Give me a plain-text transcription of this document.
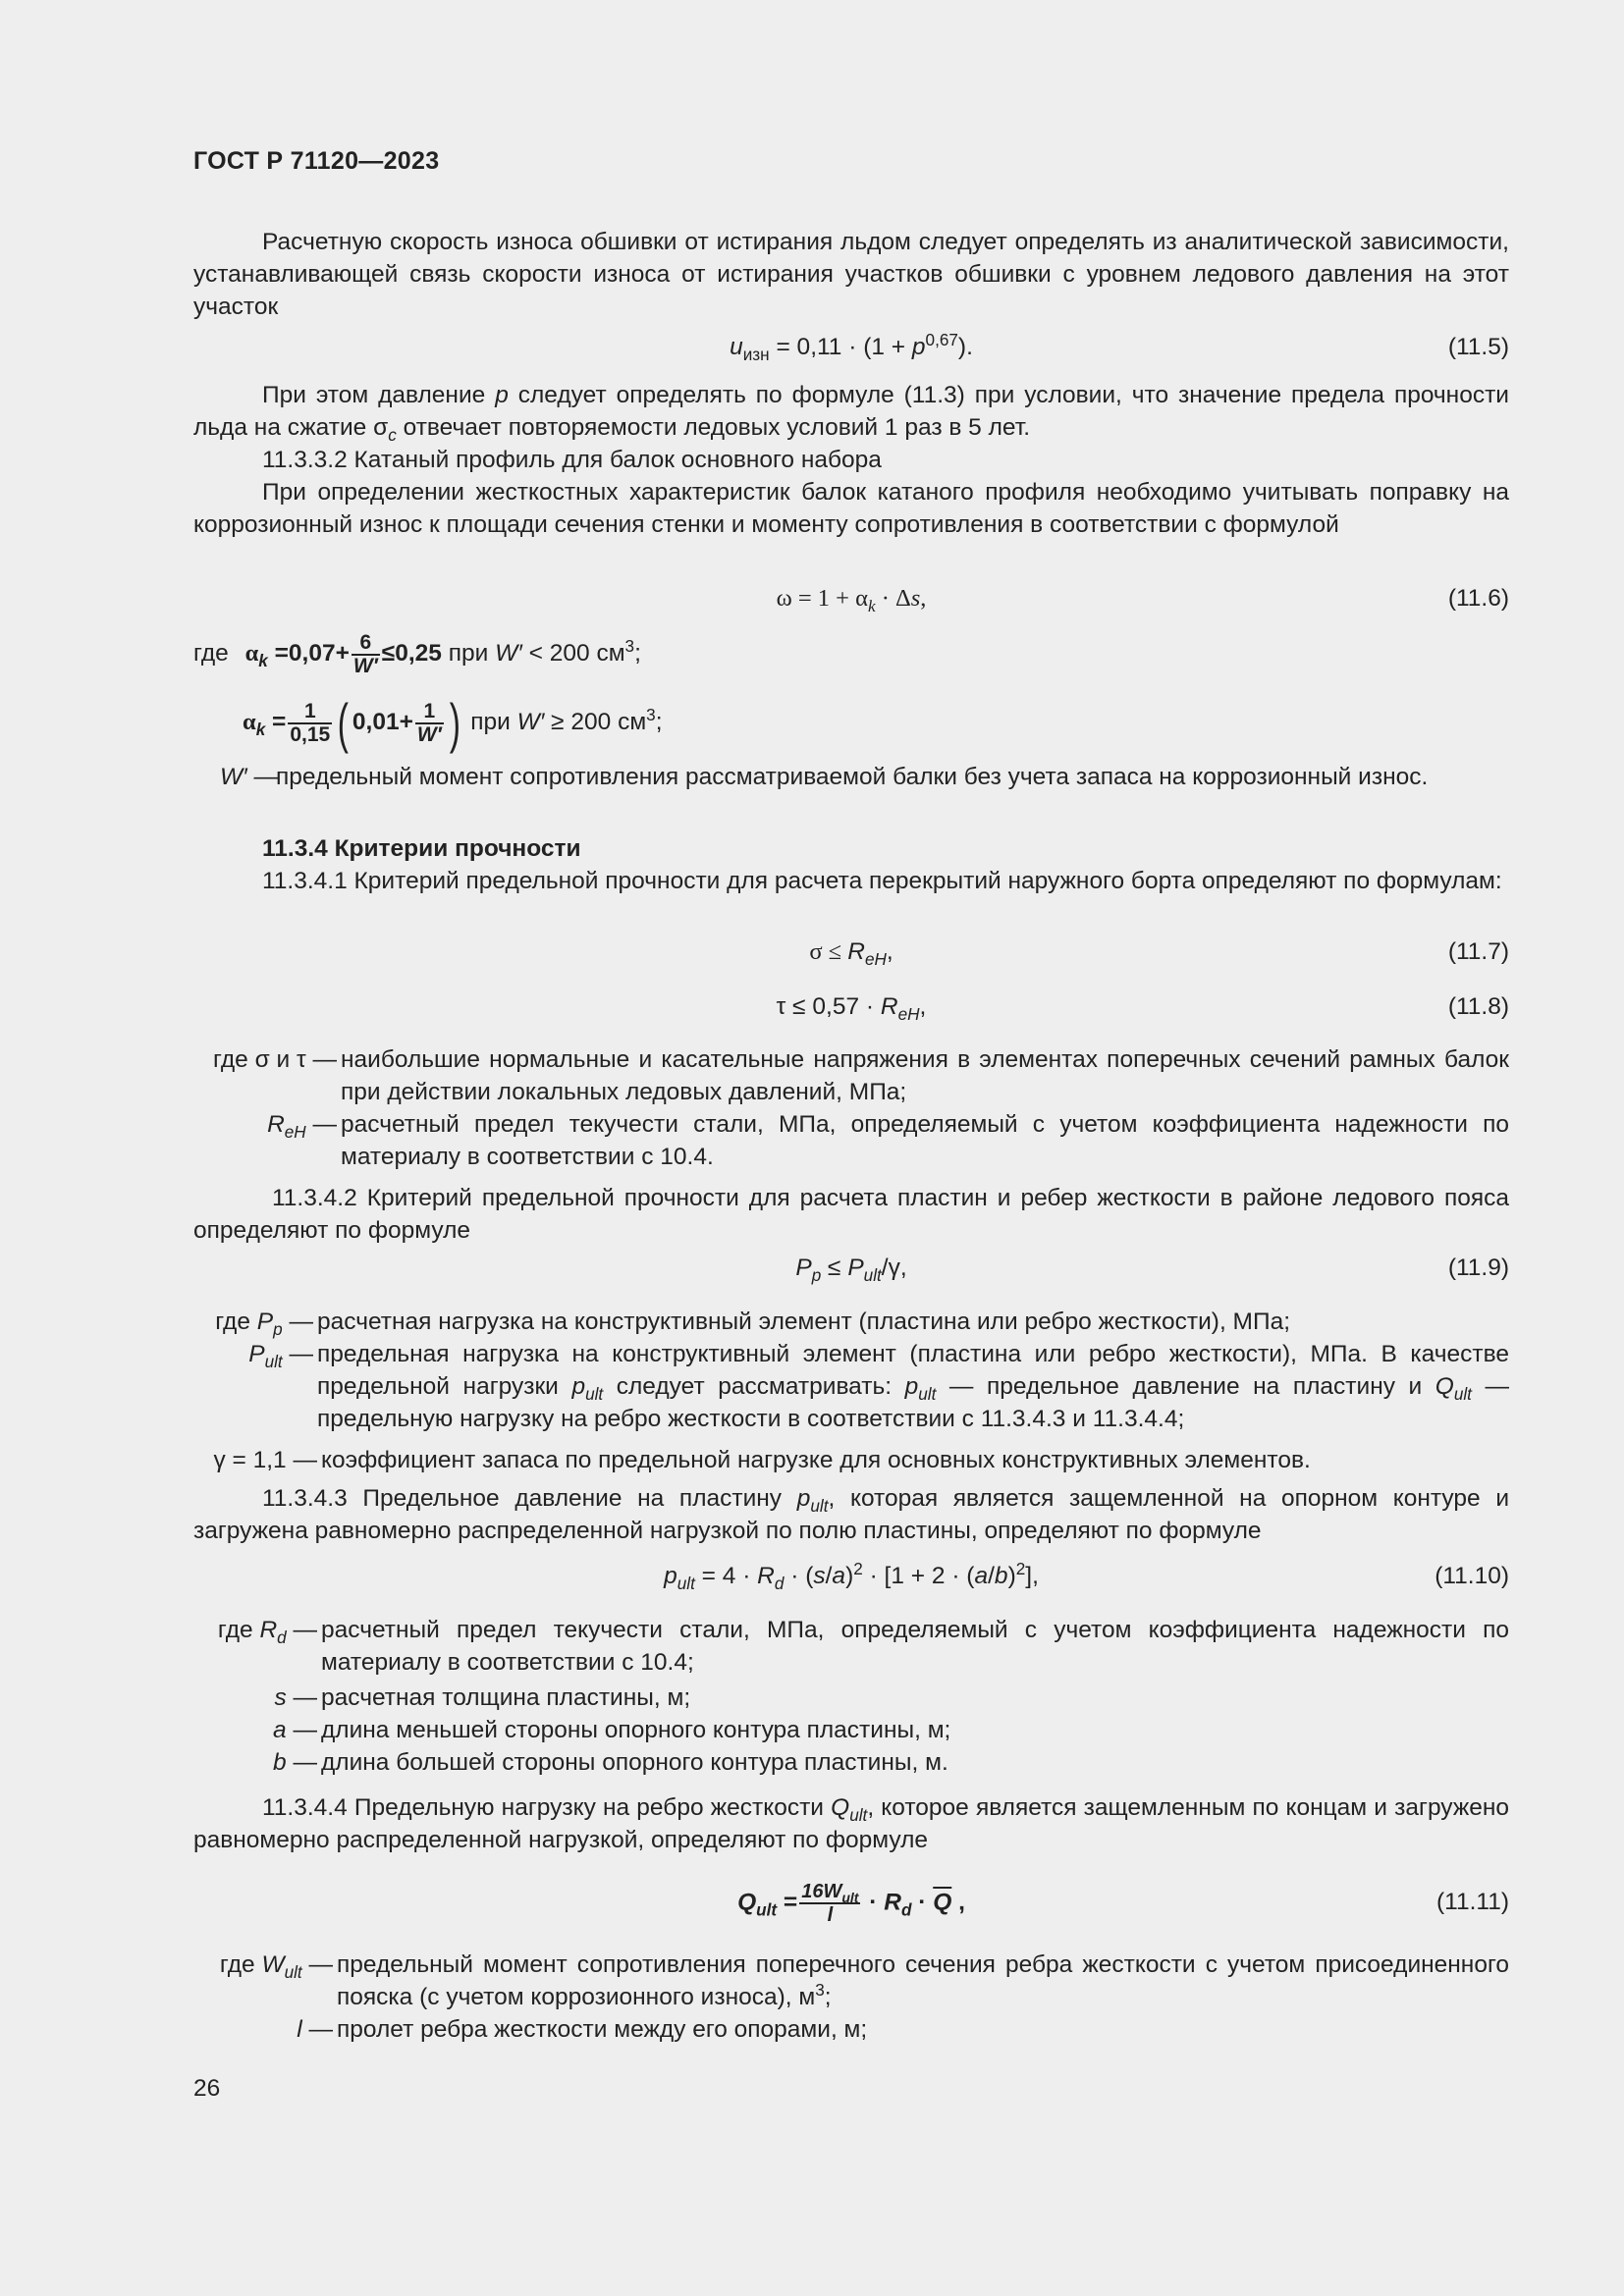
ГОСТ Р 71120—2023
Расчетную скорость износа обшивки от истирания льдом следует определять из аналитической зависимости, устанавливающей связь скорости износа от истирания участков обшивки с уровнем ледового давления на этот участок
$u_{изн} = 0,11 \cdot (1 + p^{0,67})$.	(11.5)
При этом давление p следует определять по формуле (11.3) при условии, что значение предела прочности льда на сжатие $\sigma_c$ отвечает повторяемости ледовых условий 1 раз в 5 лет.
11.3.3.2 Катаный профиль для балок основного набора
При определении жесткостных характеристик балок катаного профиля необходимо учитывать поправку на коррозионный износ к площади сечения стенки и моменту сопротивления в соответствии с формулой
$\omega = 1 + \alpha_k \cdot \Delta s$,	(11.6)
где $\alpha_k =0,07+ \frac{6}{W'} \le 0,25$ при W′ < 200 $см^3$;
$\alpha_k = \frac{1}{0,15}$ ( $0,01+ \frac{1}{W'}$ ) при W′ ≥ 200 $см^3$;
W′ —
предельный момент сопротивления рассматриваемой балки без учета запаса на коррозионный износ.
11.3.4 Критерии прочности
11.3.4.1 Критерий предельной прочности для расчета перекрытий наружного борта определяют по формулам:
$\sigma \le R_{eH}$,	(11.7)
$\tau \le 0,57 \cdot R_{eH}$,	(11.8)
где σ и τ — наибольшие нормальные и касательные напряжения в элементах поперечных сечений рамных балок при действии локальных ледовых давлений, МПа;
$R_{eH}$ — расчетный предел текучести стали, МПа, определяемый с учетом коэффициента надежности по материалу в соответствии с 10.4.
11.3.4.2 Критерий предельной прочности для расчета пластин и ребер жесткости в районе ледового пояса определяют по формуле
$P_p \le P_{ult}/\gamma$,	(11.9)
где $P_p$ — расчетная нагрузка на конструктивный элемент (пластина или ребро жесткости), МПа;
$P_{ult}$ — предельная нагрузка на конструктивный элемент (пластина или ребро жесткости), МПа. В качестве предельной нагрузки $p_{ult}$ следует рассматривать: $p_{ult}$ — предельное давление на пластину и $Q_{ult}$ — предельную нагрузку на ребро жесткости в соответствии с 11.3.4.3 и 11.3.4.4;
γ = 1,1 — коэффициент запаса по предельной нагрузке для основных конструктивных элементов.
11.3.4.3 Предельное давление на пластину $p_{ult}$, которая является защемленной на опорном контуре и загружена равномерно распределенной нагрузкой по полю пластины, определяют по формуле
$p_{ult} = 4 \cdot R_d \cdot (s/a)^2 \cdot [1 + 2 \cdot (a/b)^2]$,	(11.10)
где $R_d$ — расчетный предел текучести стали, МПа, определяемый с учетом коэффициента надежности по материалу в соответствии с 10.4;
s — расчетная толщина пластины, м;
a — длина меньшей стороны опорного контура пластины, м;
b — длина большей стороны опорного контура пластины, м.
11.3.4.4 Предельную нагрузку на ребро жесткости $Q_{ult}$, которое является защемленным по концам и загружено равномерно распределенной нагрузкой, определяют по формуле
$Q_{ult} = \frac{16W_{ult}}{l} \cdot R_d \cdot \overline{Q}$ ,	(11.11)
где $W_{ult}$ — предельный момент сопротивления поперечного сечения ребра жесткости с учетом присоединенного пояска (с учетом коррозионного износа), $м^3$;
l — пролет ребра жесткости между его опорами, м;
26
